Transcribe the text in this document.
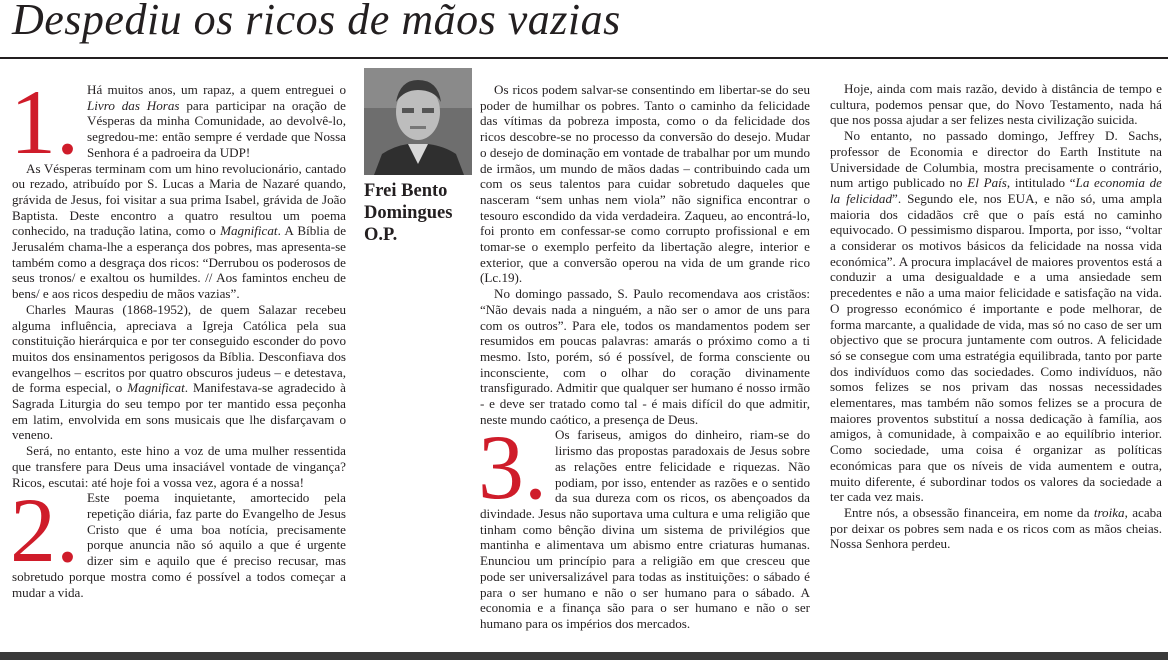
Despediu os ricos de mãos vazias

1. Há muitos anos, um rapaz, a quem entreguei o Livro das Horas para participar na oração de Vésperas da minha Comunidade, ao devolvê-lo, segredou-me: então sempre é verdade que Nossa Senhora é a padroeira da UDP!

As Vésperas terminam com um hino revolucionário, cantado ou rezado, atribuído por S. Lucas a Maria de Nazaré quando, grávida de Jesus, foi visitar a sua prima Isabel, grávida de João Baptista. Deste encontro a quatro resultou um poema conhecido, na tradução latina, como o Magnificat. A Bíblia de Jerusalém chama-lhe a esperança dos pobres, mas apresenta-se também como a desgraça dos ricos: “Derrubou os poderosos de seus tronos/ e exaltou os humildes. // Aos famintos encheu de bens/ e aos ricos despediu de mãos vazias”.

Charles Mauras (1868-1952), de quem Salazar recebeu alguma influência, apreciava a Igreja Católica pela sua constituição hierárquica e por ter conseguido esconder do povo muitos dos ensinamentos perigosos da Bíblia. Desconfiava dos evangelhos – escritos por quatro obscuros judeus – e detestava, de forma especial, o Magnificat. Manifestava-se agradecido à Sagrada Liturgia do seu tempo por ter mantido essa peçonha em latim, envolvida em sons musicais que lhe disfarçavam o veneno.

Será, no entanto, este hino a voz de uma mulher ressentida que transfere para Deus uma insaciável vontade de vingança? Ricos, escutai: até hoje foi a vossa vez, agora é a nossa!

2. Este poema inquietante, amortecido pela repetição diária, faz parte do Evangelho de Jesus Cristo que é uma boa notícia, precisamente porque anuncia não só aquilo a que é urgente dizer sim e aquilo que é preciso recusar, mas sobretudo porque mostra como é possível a todos começar a mudar a vida.

Frei Bento Domingues O.P.

Os ricos podem salvar-se consentindo em libertar-se do seu poder de humilhar os pobres. Tanto o caminho da felicidade das vítimas da pobreza imposta, como o da felicidade dos ricos descobre-se no processo da conversão do desejo. Mudar o desejo de dominação em vontade de trabalhar por um mundo de irmãos, um mundo de mãos dadas – contribuindo cada um com os seus talentos para cuidar sobretudo daqueles que nasceram “sem unhas nem viola” não significa encontrar o tesouro escondido da vida verdadeira. Zaqueu, ao encontrá-lo, foi pronto em confessar-se como corrupto profissional e em tomar-se o exemplo perfeito da libertação alegre, interior e exterior, que a conversão operou na vida de um grande rico (Lc.19).

No domingo passado, S. Paulo recomendava aos cristãos: “Não devais nada a ninguém, a não ser o amor de uns para com os outros”. Para ele, todos os mandamentos podem ser resumidos em poucas palavras: amarás o próximo como a ti mesmo. Isto, porém, só é possível, de forma consciente ou inconsciente, com o olhar do coração divinamente transfigurado. Admitir que qualquer ser humano é nosso irmão - e deve ser tratado como tal - é mais difícil do que admitir, neste mundo caótico, a presença de Deus.

3. Os fariseus, amigos do dinheiro, riam-se do lirismo das propostas paradoxais de Jesus sobre as relações entre felicidade e riquezas. Não podiam, por isso, entender as razões e o sentido da sua dureza com os ricos, os abençoados da divindade. Jesus não suportava uma cultura e uma religião que tinham como bênção divina um sistema de privilégios que mantinha e alimentava um abismo entre criaturas humanas. Enunciou um princípio para a religião em que cresceu que pode ser universalizável para todas as instituições: o sábado é para o ser humano e não o ser humano para o sábado. A economia e a finança são para o ser humano e não o ser humano para os impérios dos mercados.

Hoje, ainda com mais razão, devido à distância de tempo e cultura, podemos pensar que, do Novo Testamento, nada há que nos possa ajudar a ser felizes nesta civilização suicida.

No entanto, no passado domingo, Jeffrey D. Sachs, professor de Economia e director do Earth Institute na Universidade de Columbia, mostra precisamente o contrário, num artigo publicado no El País, intitulado “La economia de la felicidad”. Segundo ele, nos EUA, e não só, uma ampla maioria dos cidadãos crê que o país está no caminho equivocado. O pessimismo disparou. Importa, por isso, “voltar a considerar os motivos básicos da felicidade na nossa vida económica”. A procura implacável de maiores proventos está a conduzir a uma desigualdade e a uma ansiedade sem precedentes e não a uma maior felicidade e satisfação na vida. O progresso económico é importante e pode melhorar, de forma marcante, a qualidade de vida, mas só no caso de ser um objectivo que se procura juntamente com outros. A felicidade só se consegue com uma estratégia equilibrada, tanto por parte dos indivíduos como das sociedades. Como indivíduos, não somos felizes se nos privam das nossas necessidades elementares, mas também não somos felizes se a procura de maiores proventos substituí a nossa dedicação à família, aos amigos, à comunidade, à compaixão e ao equilíbrio interior. Como sociedade, uma coisa é organizar as políticas económicas para que os níveis de vida aumentem e outra, muito diferente, é subordinar todos os valores da sociedade a ter cada vez mais.

Entre nós, a obsessão financeira, em nome da troika, acaba por deixar os pobres sem nada e os ricos com as mãos cheias. Nossa Senhora perdeu.
